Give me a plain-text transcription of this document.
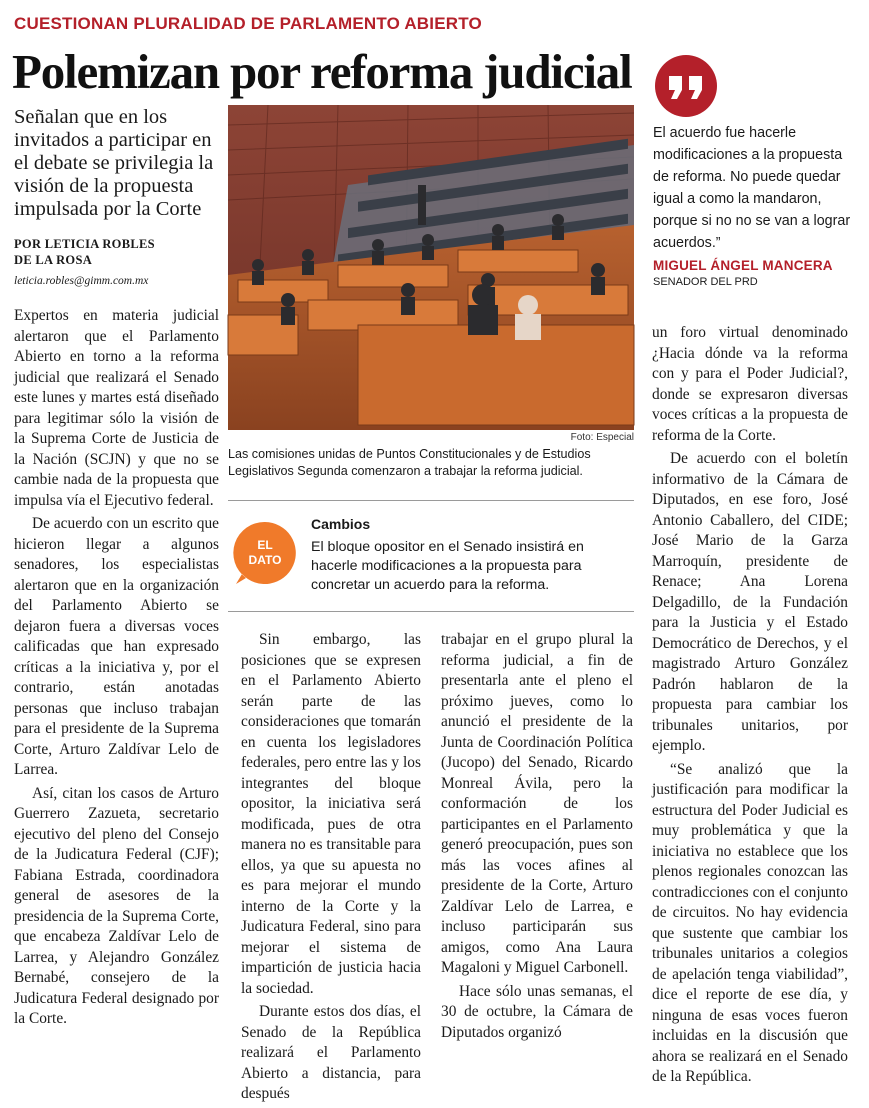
CUESTIONAN PLURALIDAD DE PARLAMENTO ABIERTO
Polemizan por reforma judicial
Señalan que en los invitados a participar en el debate se privilegia la visión de la propuesta impulsada por la Corte
POR LETICIA ROBLES
DE LA ROSA
leticia.robles@gimm.com.mx

Expertos en materia judicial alertaron que el Parlamento Abierto en torno a la reforma judicial que realizará el Senado este lunes y martes está diseñado para legitimar sólo la visión de la Suprema Corte de Justicia de la Nación (SCJN) y que no se cambie nada de la propuesta que impulsa vía el Ejecutivo federal.

De acuerdo con un escrito que hicieron llegar a algunos senadores, los especialistas alertaron que en la organización del Parlamento Abierto se dejaron fuera a diversas voces calificadas que han expresado críticas a la iniciativa y, por el contrario, están anotadas personas que incluso trabajan para el presidente de la Suprema Corte, Arturo Zaldívar Lelo de Larrea.

Así, citan los casos de Arturo Guerrero Zazueta, secretario ejecutivo del pleno del Consejo de la Judicatura Federal (CJF); Fabiana Estrada, coordinadora general de asesores de la presidencia de la Suprema Corte, que encabeza Zaldívar Lelo de Larrea, y Alejandro González Bernabé, consejero de la Judicatura Federal designado por la Corte.

Foto: Especial
Las comisiones unidas de Puntos Constitucionales y de Estudios Legislativos Segunda comenzaron a trabajar la reforma judicial.
EL
DATO
Cambios
El bloque opositor en el Senado insistirá en hacerle modificaciones a la propuesta para concretar un acuerdo para la reforma.

Sin embargo, las posiciones que se expresen en el Parlamento Abierto serán parte de las consideraciones que tomarán en cuenta los legisladores federales, pero entre las y los integrantes del bloque opositor, la iniciativa será modificada, pues de otra manera no es transitable para ellos, ya que su apuesta no es para mejorar el mundo interno de la Corte y la Judicatura Federal, sino para mejorar el sistema de impartición de justicia hacia la sociedad.

Durante estos dos días, el Senado de la República realizará el Parlamento Abierto a distancia, para después

trabajar en el grupo plural la reforma judicial, a fin de presentarla ante el pleno el próximo jueves, como lo anunció el presidente de la Junta de Coordinación Política (Jucopo) del Senado, Ricardo Monreal Ávila, pero la conformación de los participantes en el Parlamento generó preocupación, pues son más las voces afines al presidente de la Corte, Arturo Zaldívar Lelo de Larrea, e incluso participarán sus amigos, como Ana Laura Magaloni y Miguel Carbonell.

Hace sólo unas semanas, el 30 de octubre, la Cámara de Diputados organizó

El acuerdo fue hacerle modificaciones a la propuesta de reforma. No puede quedar igual a como la mandaron, porque si no no se van a lograr acuerdos.”
MIGUEL ÁNGEL MANCERA
SENADOR DEL PRD

un foro virtual denominado ¿Hacia dónde va la reforma con y para el Poder Judicial?, donde se expresaron diversas voces críticas a la propuesta de reforma de la Corte.

De acuerdo con el boletín informativo de la Cámara de Diputados, en ese foro, José Antonio Caballero, del CIDE; José Mario de la Garza Marroquín, presidente de Renace; Ana Lorena Delgadillo, de la Fundación para la Justicia y el Estado Democrático de Derechos, y el magistrado Arturo González Padrón hablaron de la propuesta para cambiar los tribunales unitarios, por ejemplo.

“Se analizó que la justificación para modificar la estructura del Poder Judicial es muy problemática y que la iniciativa no establece que los plenos regionales conozcan las contradicciones con el conjunto de circuitos. No hay evidencia que sustente que cambiar los tribunales unitarios a colegios de apelación tenga viabilidad”, dice el reporte de ese día, y ninguna de esas voces fueron incluidas en la discusión que ahora se realizará en el Senado de la República.
